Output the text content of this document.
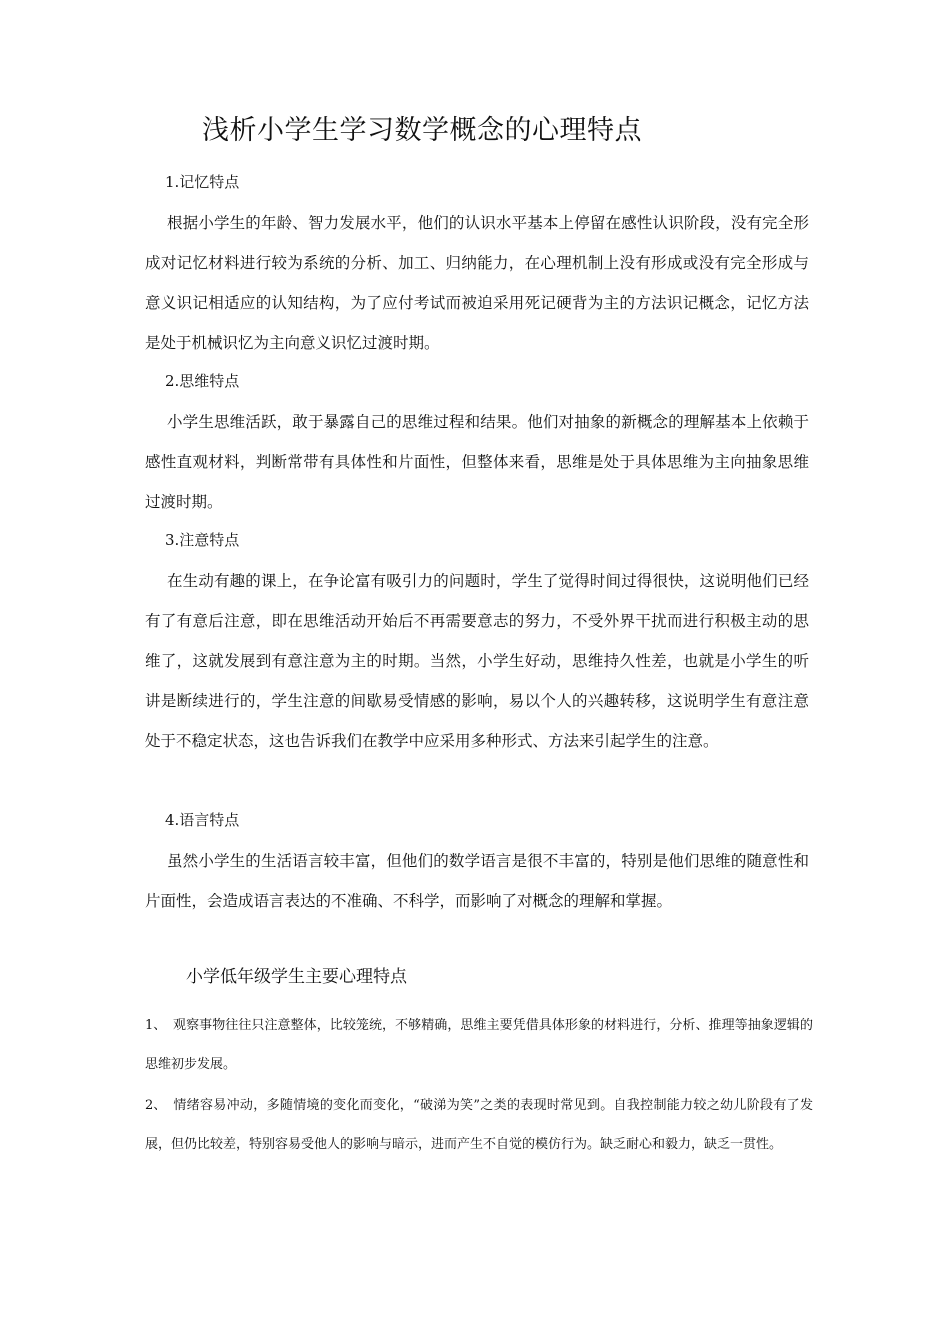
浅析小学生学习数学概念的心理特点
1.记忆特点

根据小学生的年龄、智力发展水平，他们的认识水平基本上停留在感性认识阶段，没有完全形成对记忆材料进行较为系统的分析、加工、归纳能力，在心理机制上没有形成或没有完全形成与意义识记相适应的认知结构，为了应付考试而被迫采用死记硬背为主的方法识记概念，记忆方法是处于机械识忆为主向意义识忆过渡时期。

2.思维特点

小学生思维活跃，敢于暴露自己的思维过程和结果。他们对抽象的新概念的理解基本上依赖于感性直观材料，判断常带有具体性和片面性，但整体来看，思维是处于具体思维为主向抽象思维过渡时期。

3.注意特点

在生动有趣的课上，在争论富有吸引力的问题时，学生了觉得时间过得很快，这说明他们已经有了有意后注意，即在思维活动开始后不再需要意志的努力，不受外界干扰而进行积极主动的思维了，这就发展到有意注意为主的时期。当然，小学生好动，思维持久性差，也就是小学生的听讲是断续进行的，学生注意的间歇易受情感的影响，易以个人的兴趣转移，这说明学生有意注意处于不稳定状态，这也告诉我们在教学中应采用多种形式、方法来引起学生的注意。

4.语言特点

虽然小学生的生活语言较丰富，但他们的数学语言是很不丰富的，特别是他们思维的随意性和片面性，会造成语言表达的不准确、不科学，而影响了对概念的理解和掌握。

小学低年级学生主要心理特点

1、 观察事物往往只注意整体，比较笼统，不够精确，思维主要凭借具体形象的材料进行，分析、推理等抽象逻辑的思维初步发展。

2、 情绪容易冲动，多随情境的变化而变化，“破涕为笑”之类的表现时常见到。自我控制能力较之幼儿阶段有了发展，但仍比较差，特别容易受他人的影响与暗示，进而产生不自觉的模仿行为。缺乏耐心和毅力，缺乏一贯性。
